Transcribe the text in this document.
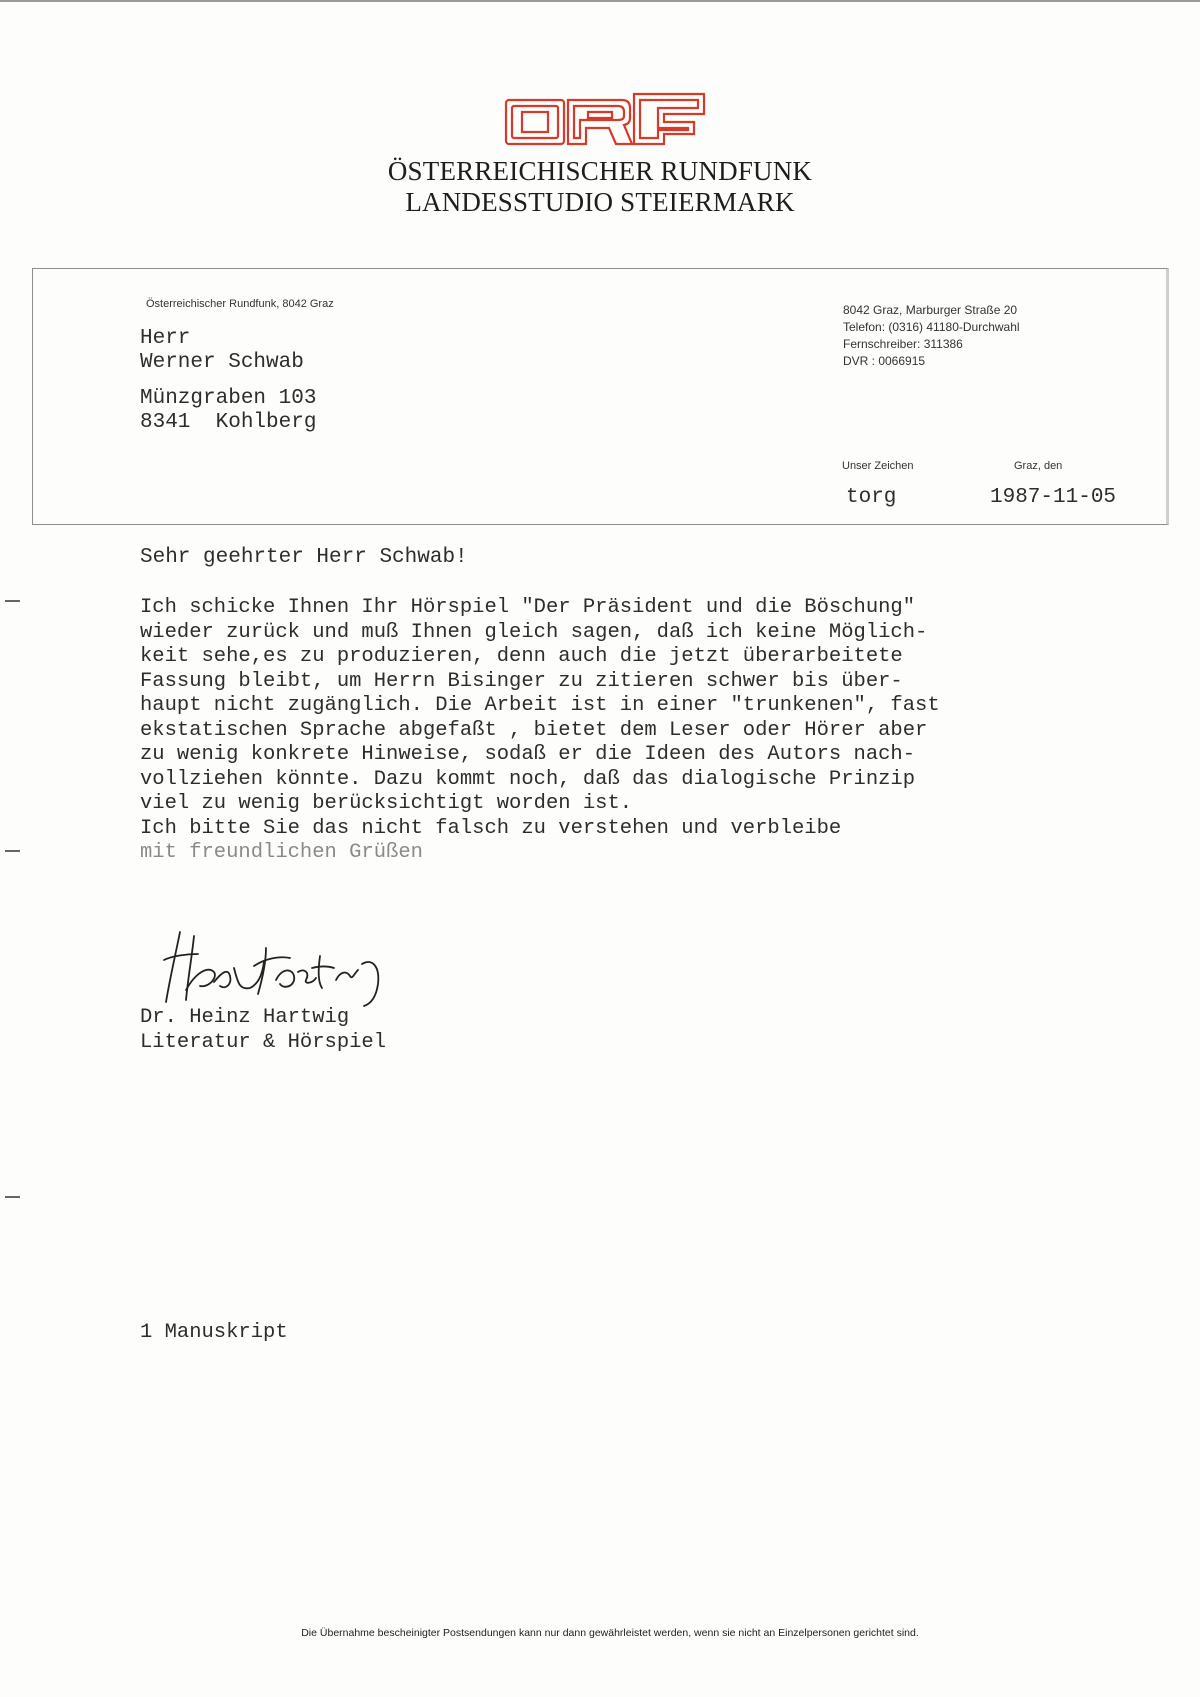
ÖSTERREICHISCHER RUNDFUNK
LANDESSTUDIO STEIERMARK
Österreichischer Rundfunk, 8042 Graz
Herr
Werner Schwab
Münzgraben 103
8341  Kohlberg
8042 Graz, Marburger Straße 20
Telefon: (0316) 41180-Durchwahl
Fernschreiber: 311386
DVR : 0066915
Unser Zeichen	Graz, den
torg	1987-11-05
Sehr geehrter Herr Schwab!
Ich schicke Ihnen Ihr Hörspiel "Der Präsident und die Böschung"
wieder zurück und muß Ihnen gleich sagen, daß ich keine Möglich-
keit sehe,es zu produzieren, denn auch die jetzt überarbeitete
Fassung bleibt, um Herrn Bisinger zu zitieren schwer bis über-
haupt nicht zugänglich. Die Arbeit ist in einer "trunkenen", fast
ekstatischen Sprache abgefaßt , bietet dem Leser oder Hörer aber
zu wenig konkrete Hinweise, sodaß er die Ideen des Autors nach-
vollziehen könnte. Dazu kommt noch, daß das dialogische Prinzip
viel zu wenig berücksichtigt worden ist.
Ich bitte Sie das nicht falsch zu verstehen und verbleibe
mit freundlichen Grüßen
Dr. Heinz Hartwig
Literatur & Hörspiel
1 Manuskript
Die Übernahme bescheinigter Postsendungen kann nur dann gewährleistet werden, wenn sie nicht an Einzelpersonen gerichtet sind.
